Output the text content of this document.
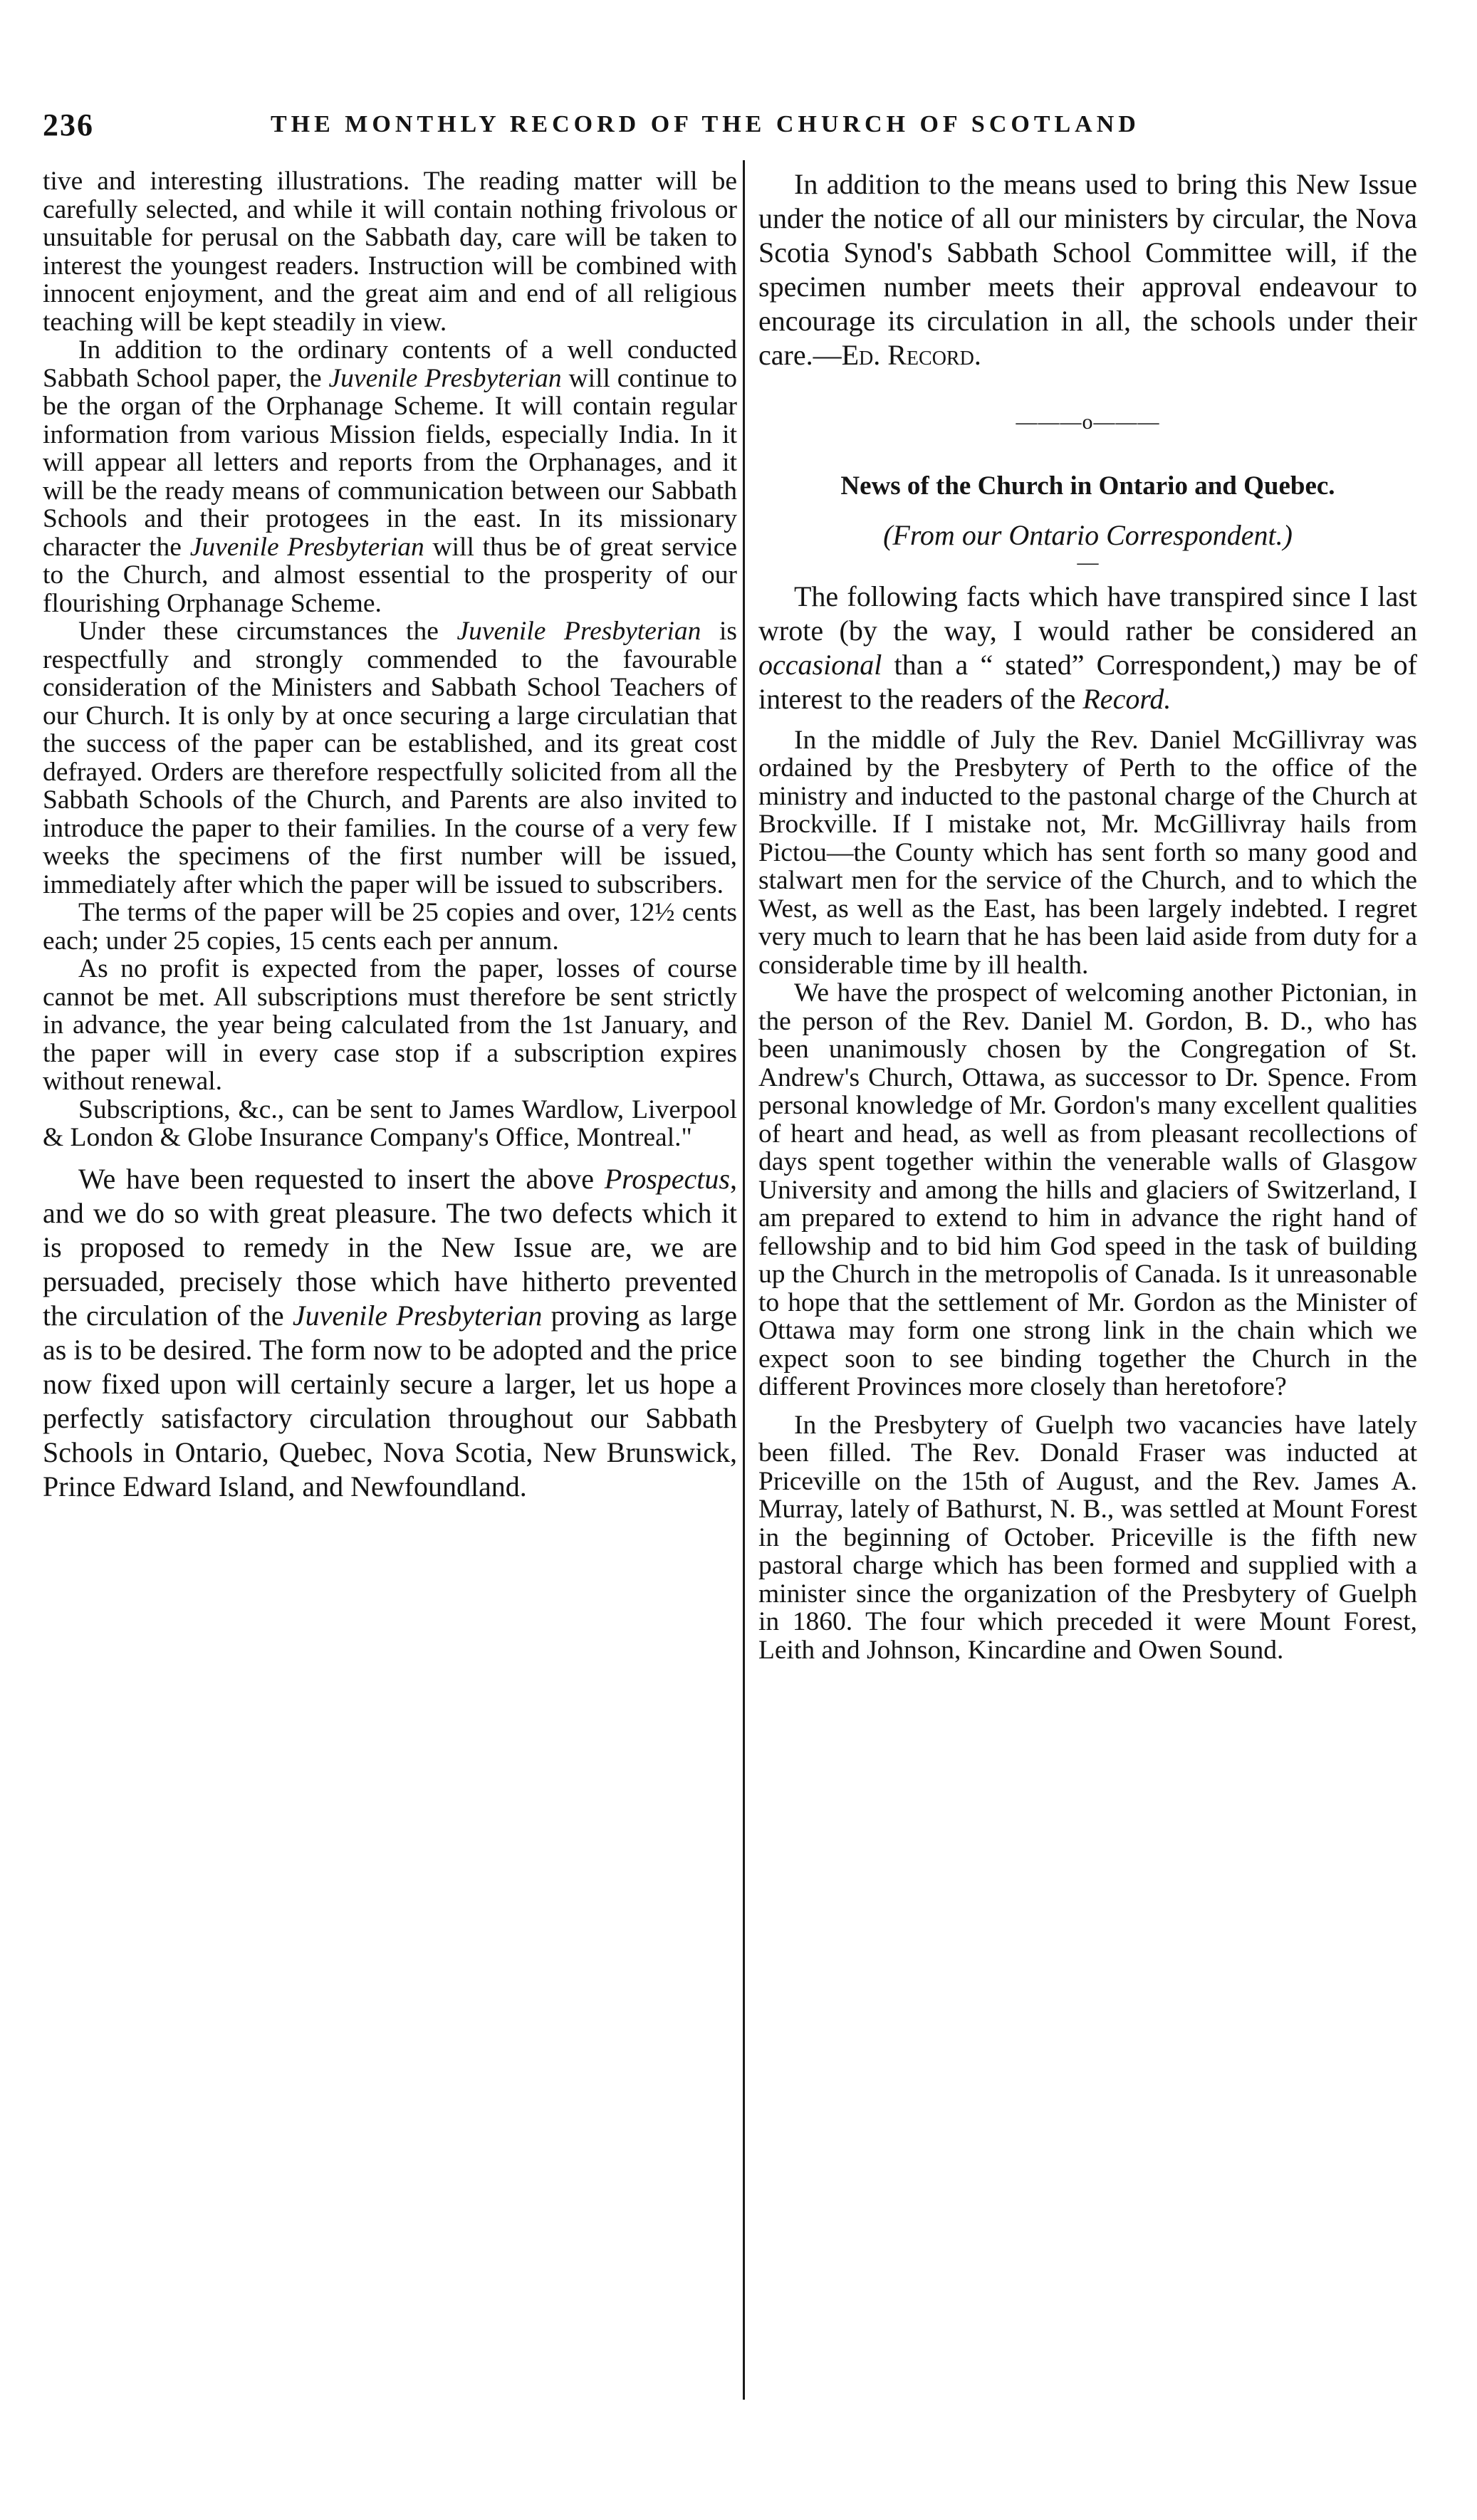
236	THE MONTHLY RECORD OF THE CHURCH OF SCOTLAND

tive and interesting illustrations. The reading matter will be carefully selected, and while it will contain nothing frivolous or unsuitable for perusal on the Sabbath day, care will be taken to interest the youngest readers. Instruction will be combined with innocent enjoyment, and the great aim and end of all religious teaching will be kept steadily in view.

In addition to the ordinary contents of a well conducted Sabbath School paper, the Juvenile Presbyterian will continue to be the organ of the Orphanage Scheme. It will contain regular information from various Mission fields, especially India. In it will appear all letters and reports from the Orphanages, and it will be the ready means of communication between our Sabbath Schools and their protogees in the east. In its missionary character the Juvenile Presbyterian will thus be of great service to the Church, and almost essential to the prosperity of our flourishing Orphanage Scheme.

Under these circumstances the Juvenile Presbyterian is respectfully and strongly commended to the favourable consideration of the Ministers and Sabbath School Teachers of our Church. It is only by at once securing a large circulatian that the success of the paper can be established, and its great cost defrayed. Orders are therefore respectfully solicited from all the Sabbath Schools of the Church, and Parents are also invited to introduce the paper to their families. In the course of a very few weeks the specimens of the first number will be issued, immediately after which the paper will be issued to subscribers.

The terms of the paper will be 25 copies and over, 12½ cents each; under 25 copies, 15 cents each per annum.

As no profit is expected from the paper, losses of course cannot be met. All subscriptions must therefore be sent strictly in advance, the year being calculated from the 1st January, and the paper will in every case stop if a subscription expires without renewal.

Subscriptions, &c., can be sent to James Wardlow, Liverpool & London & Globe Insurance Company's Office, Montreal."

We have been requested to insert the above Prospectus, and we do so with great pleasure. The two defects which it is proposed to remedy in the New Issue are, we are persuaded, precisely those which have hitherto prevented the circulation of the Juvenile Presbyterian proving as large as is to be desired. The form now to be adopted and the price now fixed upon will certainly secure a larger, let us hope a perfectly satisfactory circulation throughout our Sabbath Schools in Ontario, Quebec, Nova Scotia, New Brunswick, Prince Edward Island, and Newfoundland.

In addition to the means used to bring this New Issue under the notice of all our ministers by circular, the Nova Scotia Synod's Sabbath School Committee will, if the specimen number meets their approval endeavour to encourage its circulation in all, the schools under their care.—Ed. Record.

———o———
News of the Church in Ontario and Quebec.
(From our Ontario Correspondent.)
—

The following facts which have transpired since I last wrote (by the way, I would rather be considered an occasional than a “ stated” Correspondent,) may be of interest to the readers of the Record.

In the middle of July the Rev. Daniel McGillivray was ordained by the Presbytery of Perth to the office of the ministry and inducted to the pastonal charge of the Church at Brockville. If I mistake not, Mr. McGillivray hails from Pictou—the County which has sent forth so many good and stalwart men for the service of the Church, and to which the West, as well as the East, has been largely indebted. I regret very much to learn that he has been laid aside from duty for a considerable time by ill health.

We have the prospect of welcoming another Pictonian, in the person of the Rev. Daniel M. Gordon, B. D., who has been unanimously chosen by the Congregation of St. Andrew's Church, Ottawa, as successor to Dr. Spence. From personal knowledge of Mr. Gordon's many excellent qualities of heart and head, as well as from pleasant recollections of days spent together within the venerable walls of Glasgow University and among the hills and glaciers of Switzerland, I am prepared to extend to him in advance the right hand of fellowship and to bid him God speed in the task of building up the Church in the metropolis of Canada. Is it unreasonable to hope that the settlement of Mr. Gordon as the Minister of Ottawa may form one strong link in the chain which we expect soon to see binding together the Church in the different Provinces more closely than heretofore?

In the Presbytery of Guelph two vacancies have lately been filled. The Rev. Donald Fraser was inducted at Priceville on the 15th of August, and the Rev. James A. Murray, lately of Bathurst, N. B., was settled at Mount Forest in the beginning of October. Priceville is the fifth new pastoral charge which has been formed and supplied with a minister since the organization of the Presbytery of Guelph in 1860. The four which preceded it were Mount Forest, Leith and Johnson, Kincardine and Owen Sound.
